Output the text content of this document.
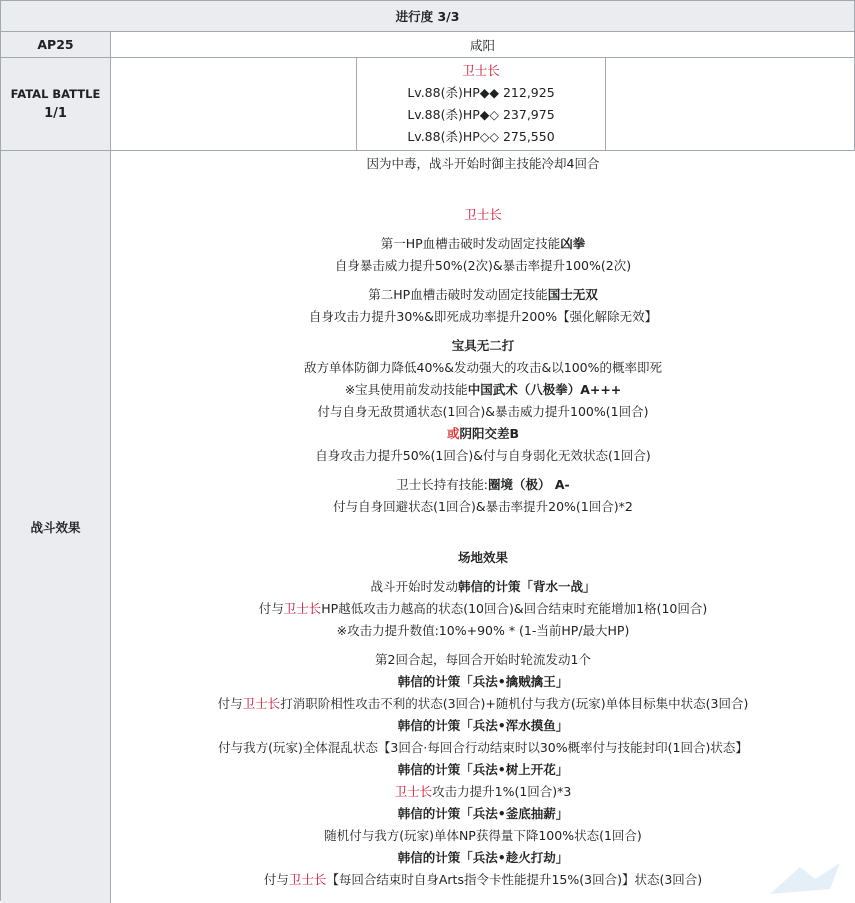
进行度 3/3
AP25	咸阳
FATAL BATTLE
1/1
卫士长
Lv.88(杀)HP◆◆ 212,925
Lv.88(杀)HP◆◇ 237,975
Lv.88(杀)HP◇◇ 275,550
战斗效果
因为中毒，战斗开始时御主技能冷却4回合
卫士长
第一HP血槽击破时发动固定技能凶拳
自身暴击威力提升50%(2次)&暴击率提升100%(2次)
第二HP血槽击破时发动固定技能国士无双
自身攻击力提升30%&即死成功率提升200%【强化解除无效】
宝具无二打
敌方单体防御力降低40%&发动强大的攻击&以100%的概率即死
※宝具使用前发动技能中国武术（八极拳）A+++
付与自身无敌贯通状态(1回合)&暴击威力提升100%(1回合)
或阴阳交差B
自身攻击力提升50%(1回合)&付与自身弱化无效状态(1回合)
卫士长持有技能:圈境（极） A-
付与自身回避状态(1回合)&暴击率提升20%(1回合)*2
场地效果
战斗开始时发动韩信的计策「背水一战」
付与卫士长HP越低攻击力越高的状态(10回合)&回合结束时充能增加1格(10回合)
※攻击力提升数值:10%+90% * (1-当前HP/最大HP)
第2回合起，每回合开始时轮流发动1个
韩信的计策「兵法•擒贼擒王」
付与卫士长打消职阶相性攻击不利的状态(3回合)+随机付与我方(玩家)单体目标集中状态(3回合)
韩信的计策「兵法•浑水摸鱼」
付与我方(玩家)全体混乱状态【3回合·每回合行动结束时以30%概率付与技能封印(1回合)状态】
韩信的计策「兵法•树上开花」
卫士长攻击力提升1%(1回合)*3
韩信的计策「兵法•釜底抽薪」
随机付与我方(玩家)单体NP获得量下降100%状态(1回合)
韩信的计策「兵法•趁火打劫」
付与卫士长【每回合结束时自身Arts指令卡性能提升15%(3回合)】状态(3回合)
